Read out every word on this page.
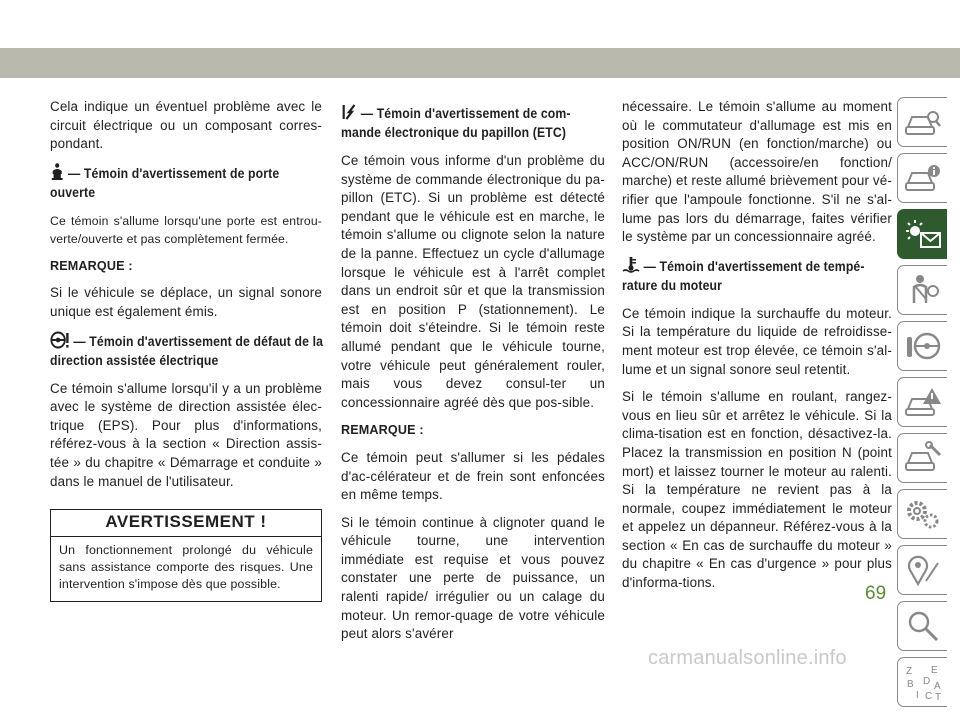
Cela indique un éventuel problème avec le circuit électrique ou un composant corres-pondant.

— Témoin d'avertissement de porte ouverte

Ce témoin s'allume lorsqu'une porte est entrou-verte/ouverte et pas complètement fermée.

REMARQUE :

Si le véhicule se déplace, un signal sonore unique est également émis.

— Témoin d'avertissement de défaut de la direction assistée électrique

Ce témoin s'allume lorsqu'il y a un problème avec le système de direction assistée élec-trique (EPS). Pour plus d'informations, référez-vous à la section « Direction assis-tée » du chapitre « Démarrage et conduite » dans le manuel de l'utilisateur.

AVERTISSEMENT !
Un fonctionnement prolongé du véhicule sans assistance comporte des risques. Une intervention s'impose dès que possible.
— Témoin d'avertissement de com-mande électronique du papillon (ETC)

Ce témoin vous informe d'un problème du système de commande électronique du pa-pillon (ETC). Si un problème est détecté pendant que le véhicule est en marche, le témoin s'allume ou clignote selon la nature de la panne. Effectuez un cycle d'allumage lorsque le véhicule est à l'arrêt complet dans un endroit sûr et que la transmission est en position P (stationnement). Le témoin doit s'éteindre. Si le témoin reste allumé pendant que le véhicule tourne, votre véhicule peut généralement rouler, mais vous devez consul-ter un concessionnaire agréé dès que pos-sible.

REMARQUE :

Ce témoin peut s'allumer si les pédales d'ac-célérateur et de frein sont enfoncées en même temps.

Si le témoin continue à clignoter quand le véhicule tourne, une intervention immédiate est requise et vous pouvez constater une perte de puissance, un ralenti rapide/ irrégulier ou un calage du moteur. Un remor-quage de votre véhicule peut alors s'avérer

nécessaire. Le témoin s'allume au moment où le commutateur d'allumage est mis en position ON/RUN (en fonction/marche) ou ACC/ON/RUN (accessoire/en fonction/ marche) et reste allumé brièvement pour vé-rifier que l'ampoule fonctionne. S'il ne s'al-lume pas lors du démarrage, faites vérifier le système par un concessionnaire agréé.

— Témoin d'avertissement de tempé-rature du moteur

Ce témoin indique la surchauffe du moteur. Si la température du liquide de refroidisse-ment moteur est trop élevée, ce témoin s'al-lume et un signal sonore seul retentit.

Si le témoin s'allume en roulant, rangez-vous en lieu sûr et arrêtez le véhicule. Si la clima-tisation est en fonction, désactivez-la. Placez la transmission en position N (point mort) et laissez tourner le moteur au ralenti. Si la température ne revient pas à la normale, coupez immédiatement le moteur et appelez un dépanneur. Référez-vous à la section « En cas de surchauffe du moteur » du chapitre « En cas d'urgence » pour plus d'informa-tions.

Z E
B D A
I C T
69
carmanualsonline.info
